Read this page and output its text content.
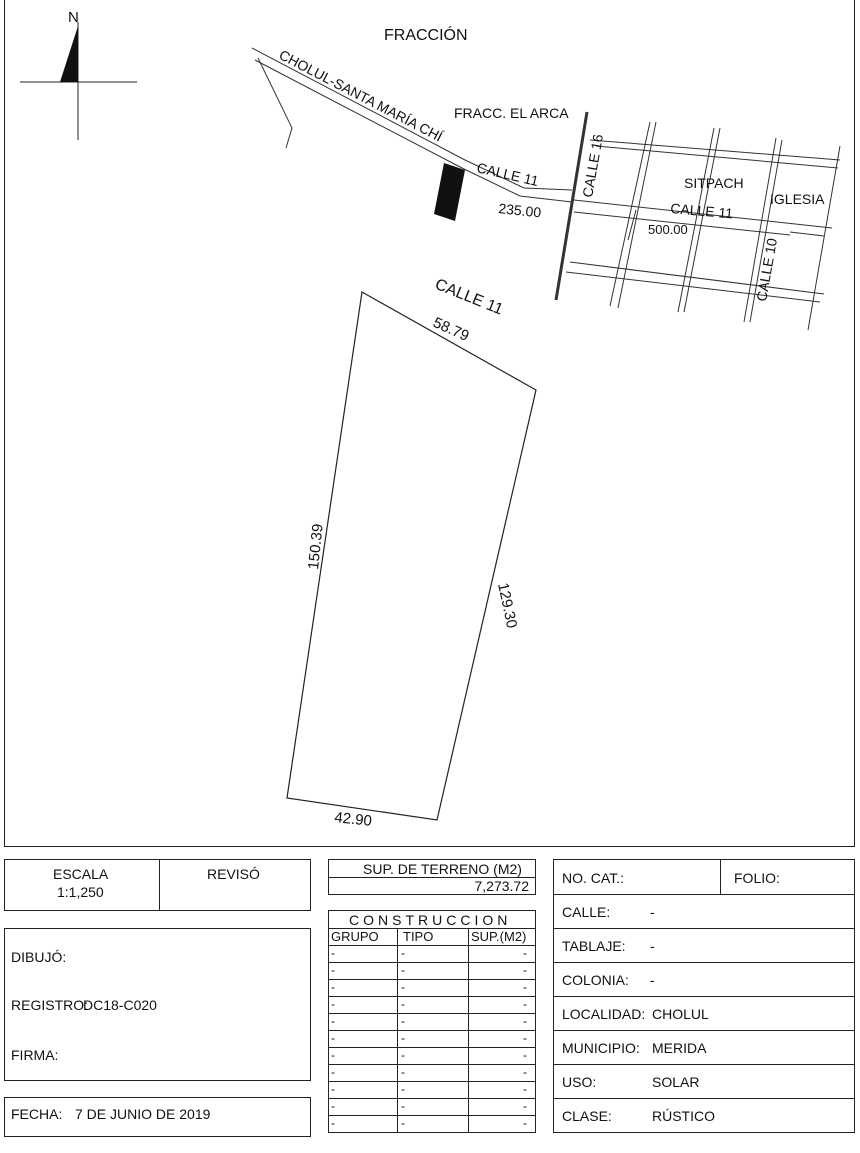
N
FRACCIÓN
CHOLUL-SANTA MARÍA CHÍ FRACC. EL ARCA
CALLE 11
235.00
CALLE 16	SITPACH
IGLESIA
CALLE 11
500.00
CALLE 10
CALLE 11
58.79
150.39
129.30
42.90
ESCALA
1:1,250
REVISÓ
DIBUJÓ:
REGISTRO:
DC18-C020
FIRMA:
FECHA: 7 DE JUNIO DE 2019
SUP. DE TERRENO (M2)
7,273.72
CONSTRUCCION
GRUPO TIPO	SUP.(M2)
-	-	-
-	-	-
-	-	-
-	-	-
-	-	-
-	-	-
-	-	-
-	-	-
-	-	-
-	-	-
-	-	-
NO. CAT.:	FOLIO:
CALLE:	-
TABLAJE: -
COLONIA: -
LOCALIDAD: CHOLUL
MUNICIPIO: MERIDA
USO:	SOLAR
CLASE:	RÚSTICO
